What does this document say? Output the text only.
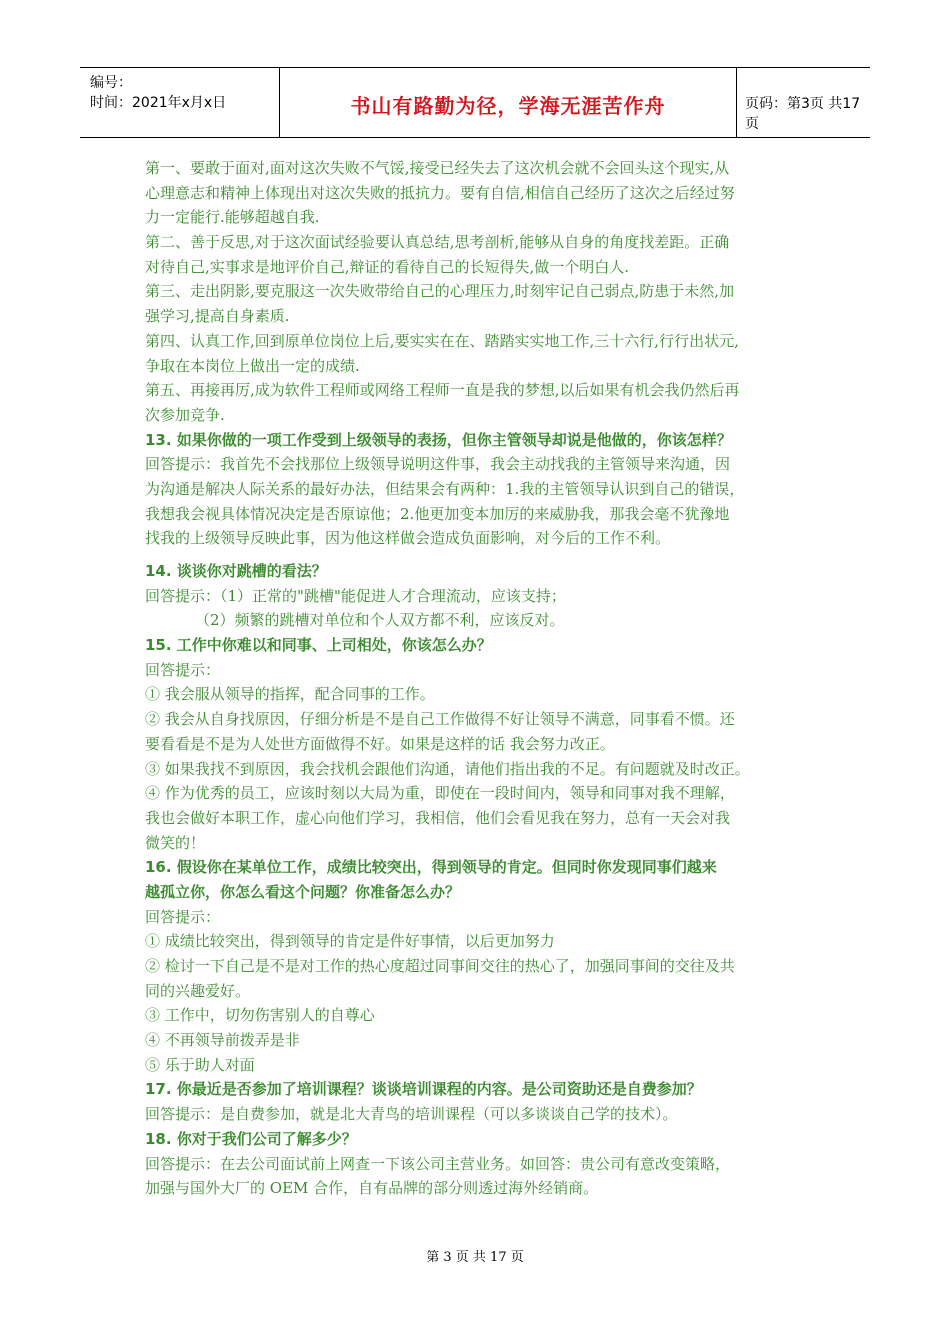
编号：
时间：2021年x月x日	书山有路勤为径，学海无涯苦作舟	页码：第3页 共17页
第一、要敢于面对,面对这次失败不气馁,接受已经失去了这次机会就不会回头这个现实,从
心理意志和精神上体现出对这次失败的抵抗力。要有自信,相信自己经历了这次之后经过努
力一定能行.能够超越自我.
第二、善于反思,对于这次面试经验要认真总结,思考剖析,能够从自身的角度找差距。正确
对待自己,实事求是地评价自己,辩证的看待自己的长短得失,做一个明白人.
第三、走出阴影,要克服这一次失败带给自己的心理压力,时刻牢记自己弱点,防患于未然,加
强学习,提高自身素质.
第四、认真工作,回到原单位岗位上后,要实实在在、踏踏实实地工作,三十六行,行行出状元,
争取在本岗位上做出一定的成绩.
第五、再接再厉,成为软件工程师或网络工程师一直是我的梦想,以后如果有机会我仍然后再
次参加竞争.
13. 如果你做的一项工作受到上级领导的表扬，但你主管领导却说是他做的，你该怎样？
回答提示：我首先不会找那位上级领导说明这件事，我会主动找我的主管领导来沟通，因
为沟通是解决人际关系的最好办法，但结果会有两种：1.我的主管领导认识到自己的错误，
我想我会视具体情况决定是否原谅他；2.他更加变本加厉的来威胁我，那我会毫不犹豫地
找我的上级领导反映此事，因为他这样做会造成负面影响，对今后的工作不利。
14. 谈谈你对跳槽的看法？
回答提示：（1）正常的"跳槽"能促进人才合理流动，应该支持；
（2）频繁的跳槽对单位和个人双方都不利，应该反对。
15. 工作中你难以和同事、上司相处，你该怎么办？
回答提示：
① 我会服从领导的指挥，配合同事的工作。
② 我会从自身找原因，仔细分析是不是自己工作做得不好让领导不满意，同事看不惯。还
要看看是不是为人处世方面做得不好。如果是这样的话 我会努力改正。
③ 如果我找不到原因，我会找机会跟他们沟通，请他们指出我的不足。有问题就及时改正。
④ 作为优秀的员工，应该时刻以大局为重，即使在一段时间内，领导和同事对我不理解，
我也会做好本职工作，虚心向他们学习，我相信，他们会看见我在努力，总有一天会对我
微笑的！
16. 假设你在某单位工作，成绩比较突出，得到领导的肯定。但同时你发现同事们越来
越孤立你，你怎么看这个问题？你准备怎么办？
回答提示：
① 成绩比较突出，得到领导的肯定是件好事情，以后更加努力
② 检讨一下自己是不是对工作的热心度超过同事间交往的热心了，加强同事间的交往及共
同的兴趣爱好。
③ 工作中，切勿伤害别人的自尊心
④ 不再领导前拨弄是非
⑤ 乐于助人对面
17. 你最近是否参加了培训课程？谈谈培训课程的内容。是公司资助还是自费参加？
回答提示：是自费参加，就是北大青鸟的培训课程（可以多谈谈自己学的技术）。
18. 你对于我们公司了解多少？
回答提示：在去公司面试前上网查一下该公司主营业务。如回答：贵公司有意改变策略，
加强与国外大厂的 OEM 合作，自有品牌的部分则透过海外经销商。
第 3 页 共 17 页
